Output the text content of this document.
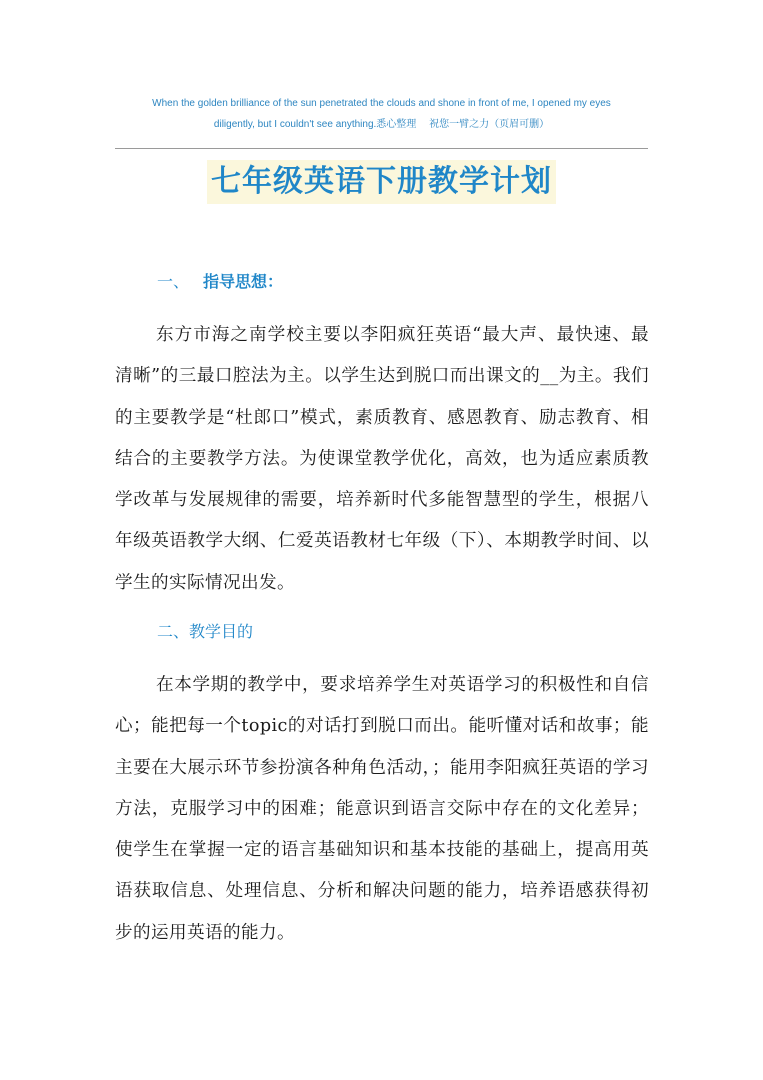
When the golden brilliance of the sun penetrated the clouds and shone in front of me, I opened my eyes
diligently, but I couldn't see anything.悉心整理　 祝您一臂之力（页眉可删）
七年级英语下册教学计划
一、 指导思想：

东方市海之南学校主要以李阳疯狂英语“最大声、最快速、最清晰”的三最口腔法为主。以学生达到脱口而出课文的__为主。我们的主要教学是“杜郎口”模式，素质教育、感恩教育、励志教育、相结合的主要教学方法。为使课堂教学优化，高效，也为适应素质教学改革与发展规律的需要，培养新时代多能智慧型的学生，根据八年级英语教学大纲、仁爱英语教材七年级（下）、本期教学时间、以学生的实际情况出发。

二、教学目的

在本学期的教学中，要求培养学生对英语学习的积极性和自信心；能把每一个topic的对话打到脱口而出。能听懂对话和故事；能主要在大展示环节参扮演各种角色活动，；能用李阳疯狂英语的学习方法，克服学习中的困难；能意识到语言交际中存在的文化差异；使学生在掌握一定的语言基础知识和基本技能的基础上，提高用英语获取信息、处理信息、分析和解决问题的能力，培养语感获得初步的运用英语的能力。
